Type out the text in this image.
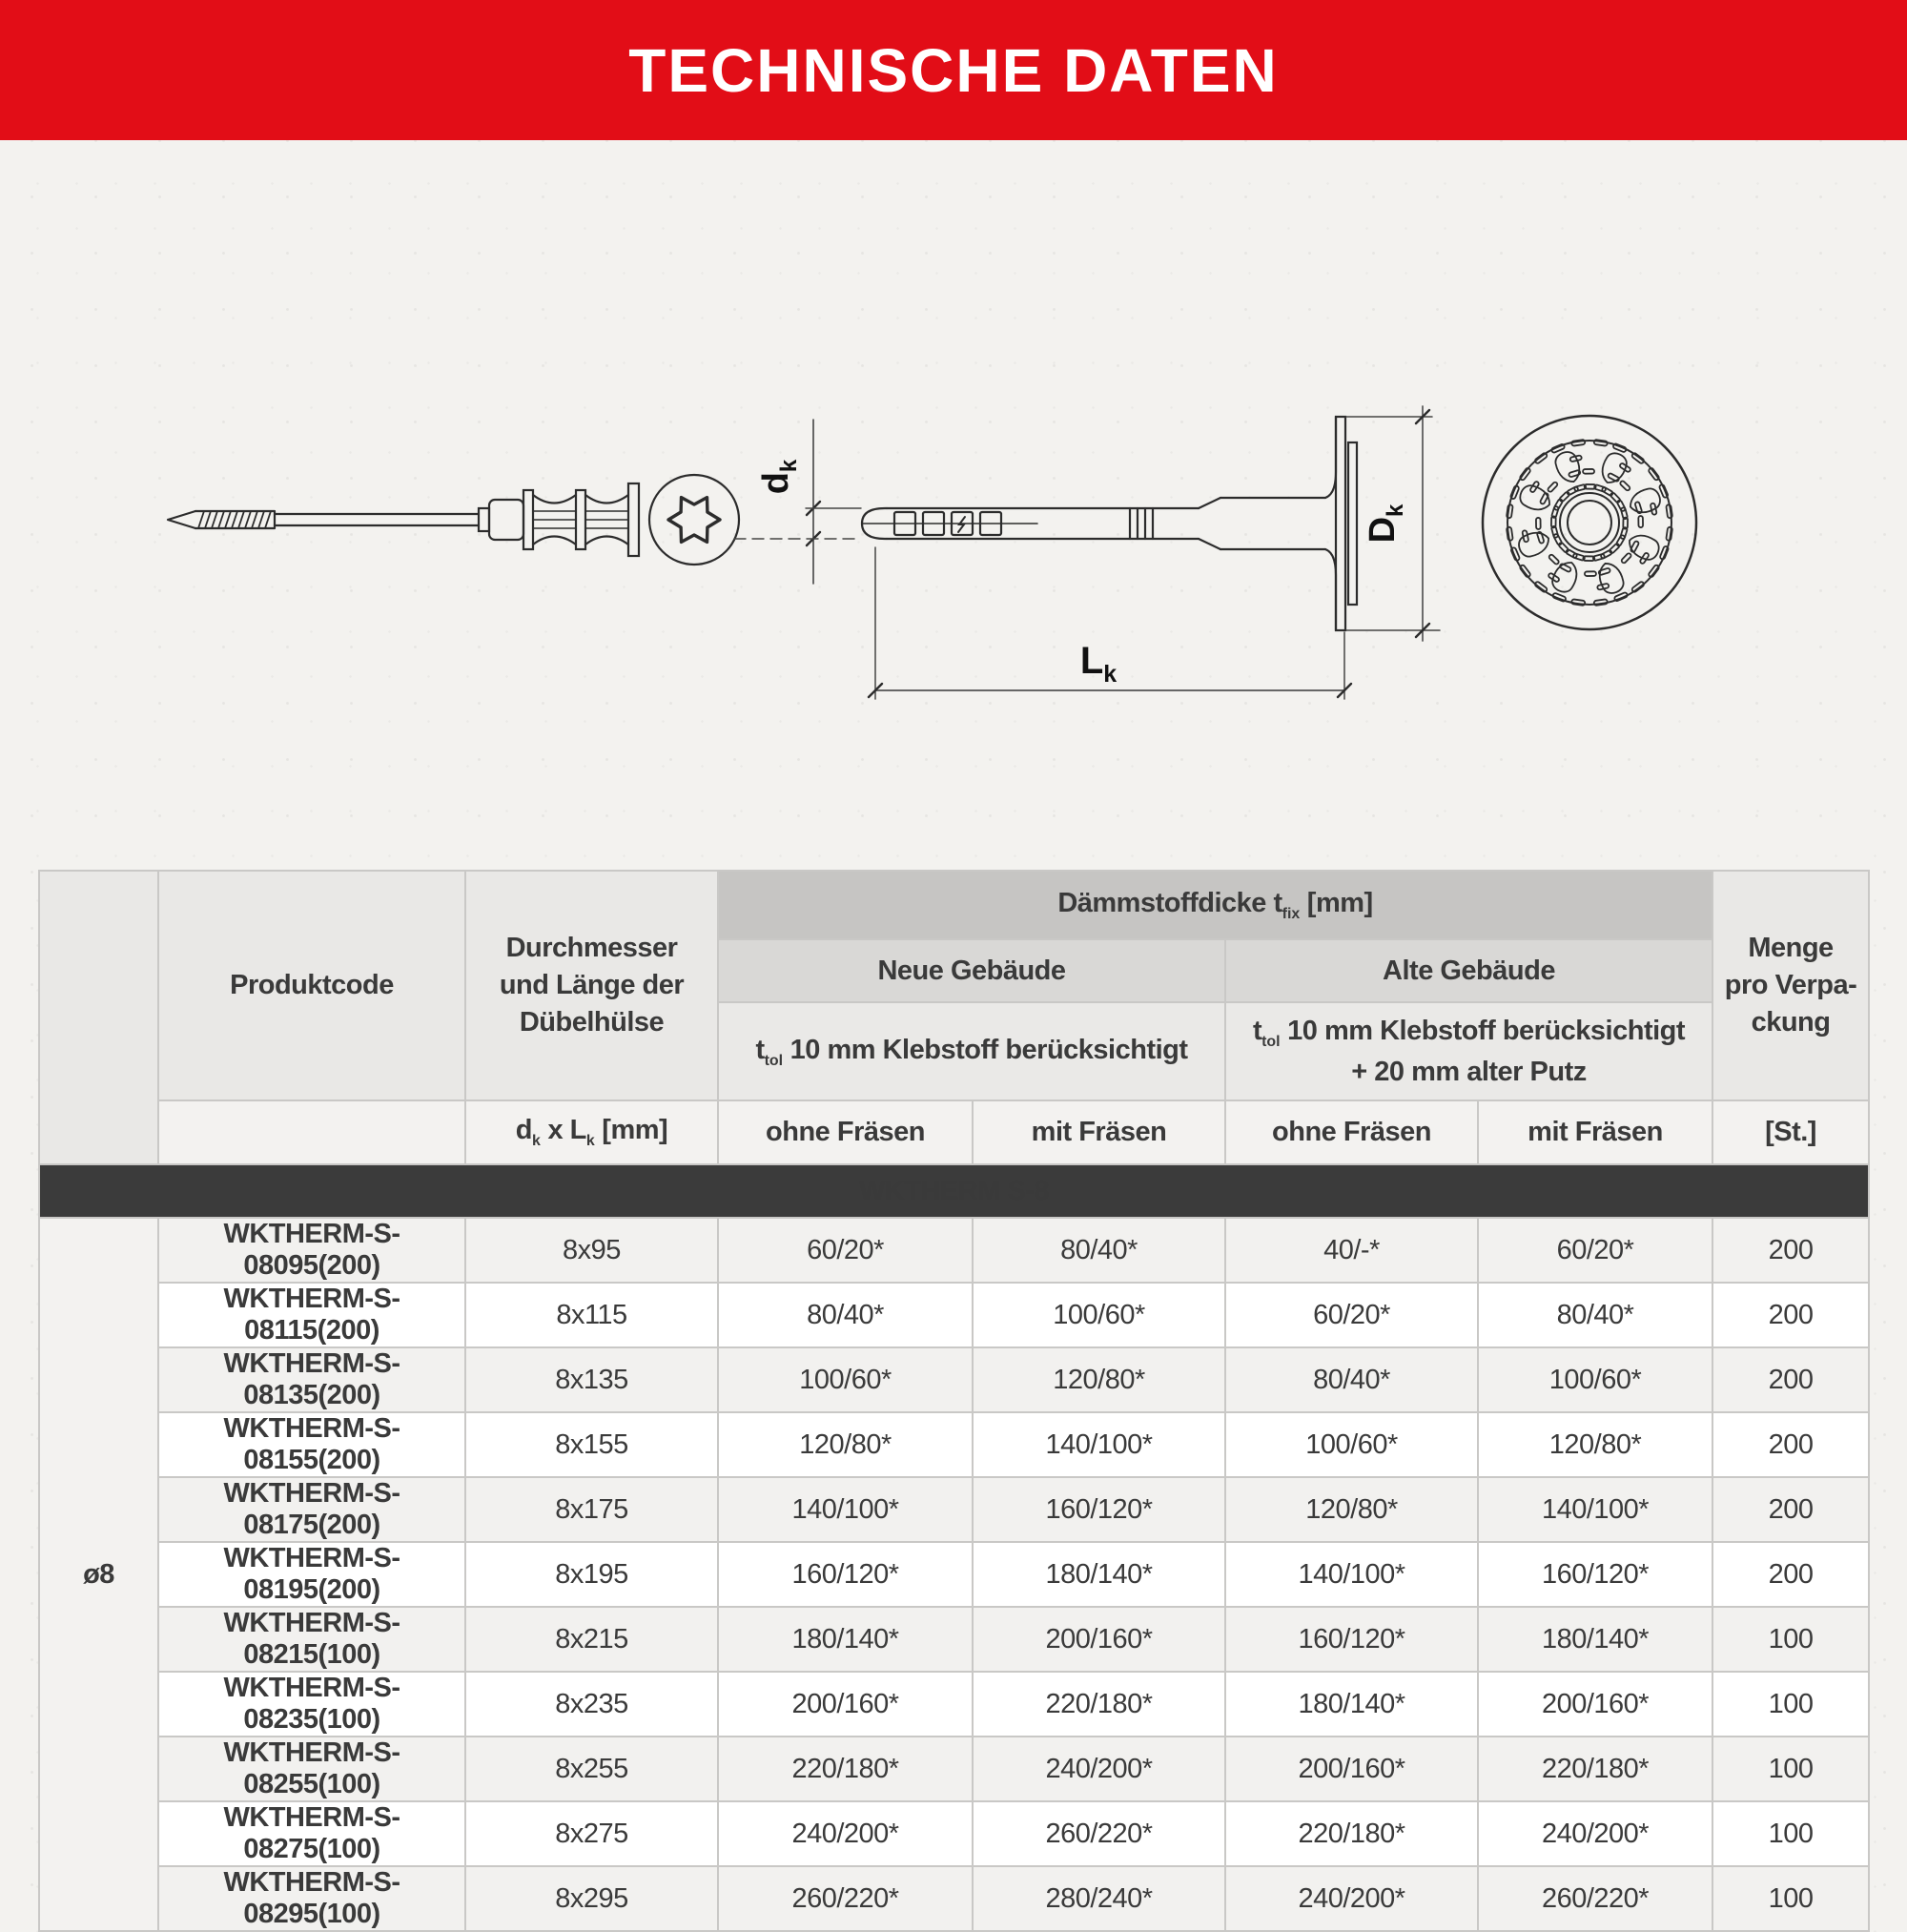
TECHNISCHE DATEN
$d_k$
$D_k$
$L_k$
	Produktcode	Durchmesser
und Länge der
Dübelhülse	Dämmstoffdicke $t_{fix}$ [mm]				Menge
pro Verpa-
ckung

			Neue Gebäude		Alte Gebäude		
			$t_{tol}$ 10 mm Klebstoff berücksichtigt		$t_{tol}$ 10 mm Klebstoff berücksichtigt
+ 20 mm alter Putz		

		$d_k$ x $L_k$ [mm]	ohne Fräsen	mit Fräsen	ohne Fräsen	mit Fräsen	[St.]
WKTHERM S-8							
ø8	WKTHERM-S-08095(200)	8x95	60/20*	80/40*	40/-*	60/20*	200
	WKTHERM-S-08115(200)	8x115	80/40*	100/60*	60/20*	80/40*	200
	WKTHERM-S-08135(200)	8x135	100/60*	120/80*	80/40*	100/60*	200
	WKTHERM-S-08155(200)	8x155	120/80*	140/100*	100/60*	120/80*	200
	WKTHERM-S-08175(200)	8x175	140/100*	160/120*	120/80*	140/100*	200
	WKTHERM-S-08195(200)	8x195	160/120*	180/140*	140/100*	160/120*	200
	WKTHERM-S-08215(100)	8x215	180/140*	200/160*	160/120*	180/140*	100
	WKTHERM-S-08235(100)	8x235	200/160*	220/180*	180/140*	200/160*	100
	WKTHERM-S-08255(100)	8x255	220/180*	240/200*	200/160*	220/180*	100
	WKTHERM-S-08275(100)	8x275	240/200*	260/220*	220/180*	240/200*	100
	WKTHERM-S-08295(100)	8x295	260/220*	280/240*	240/200*	260/220*	100
